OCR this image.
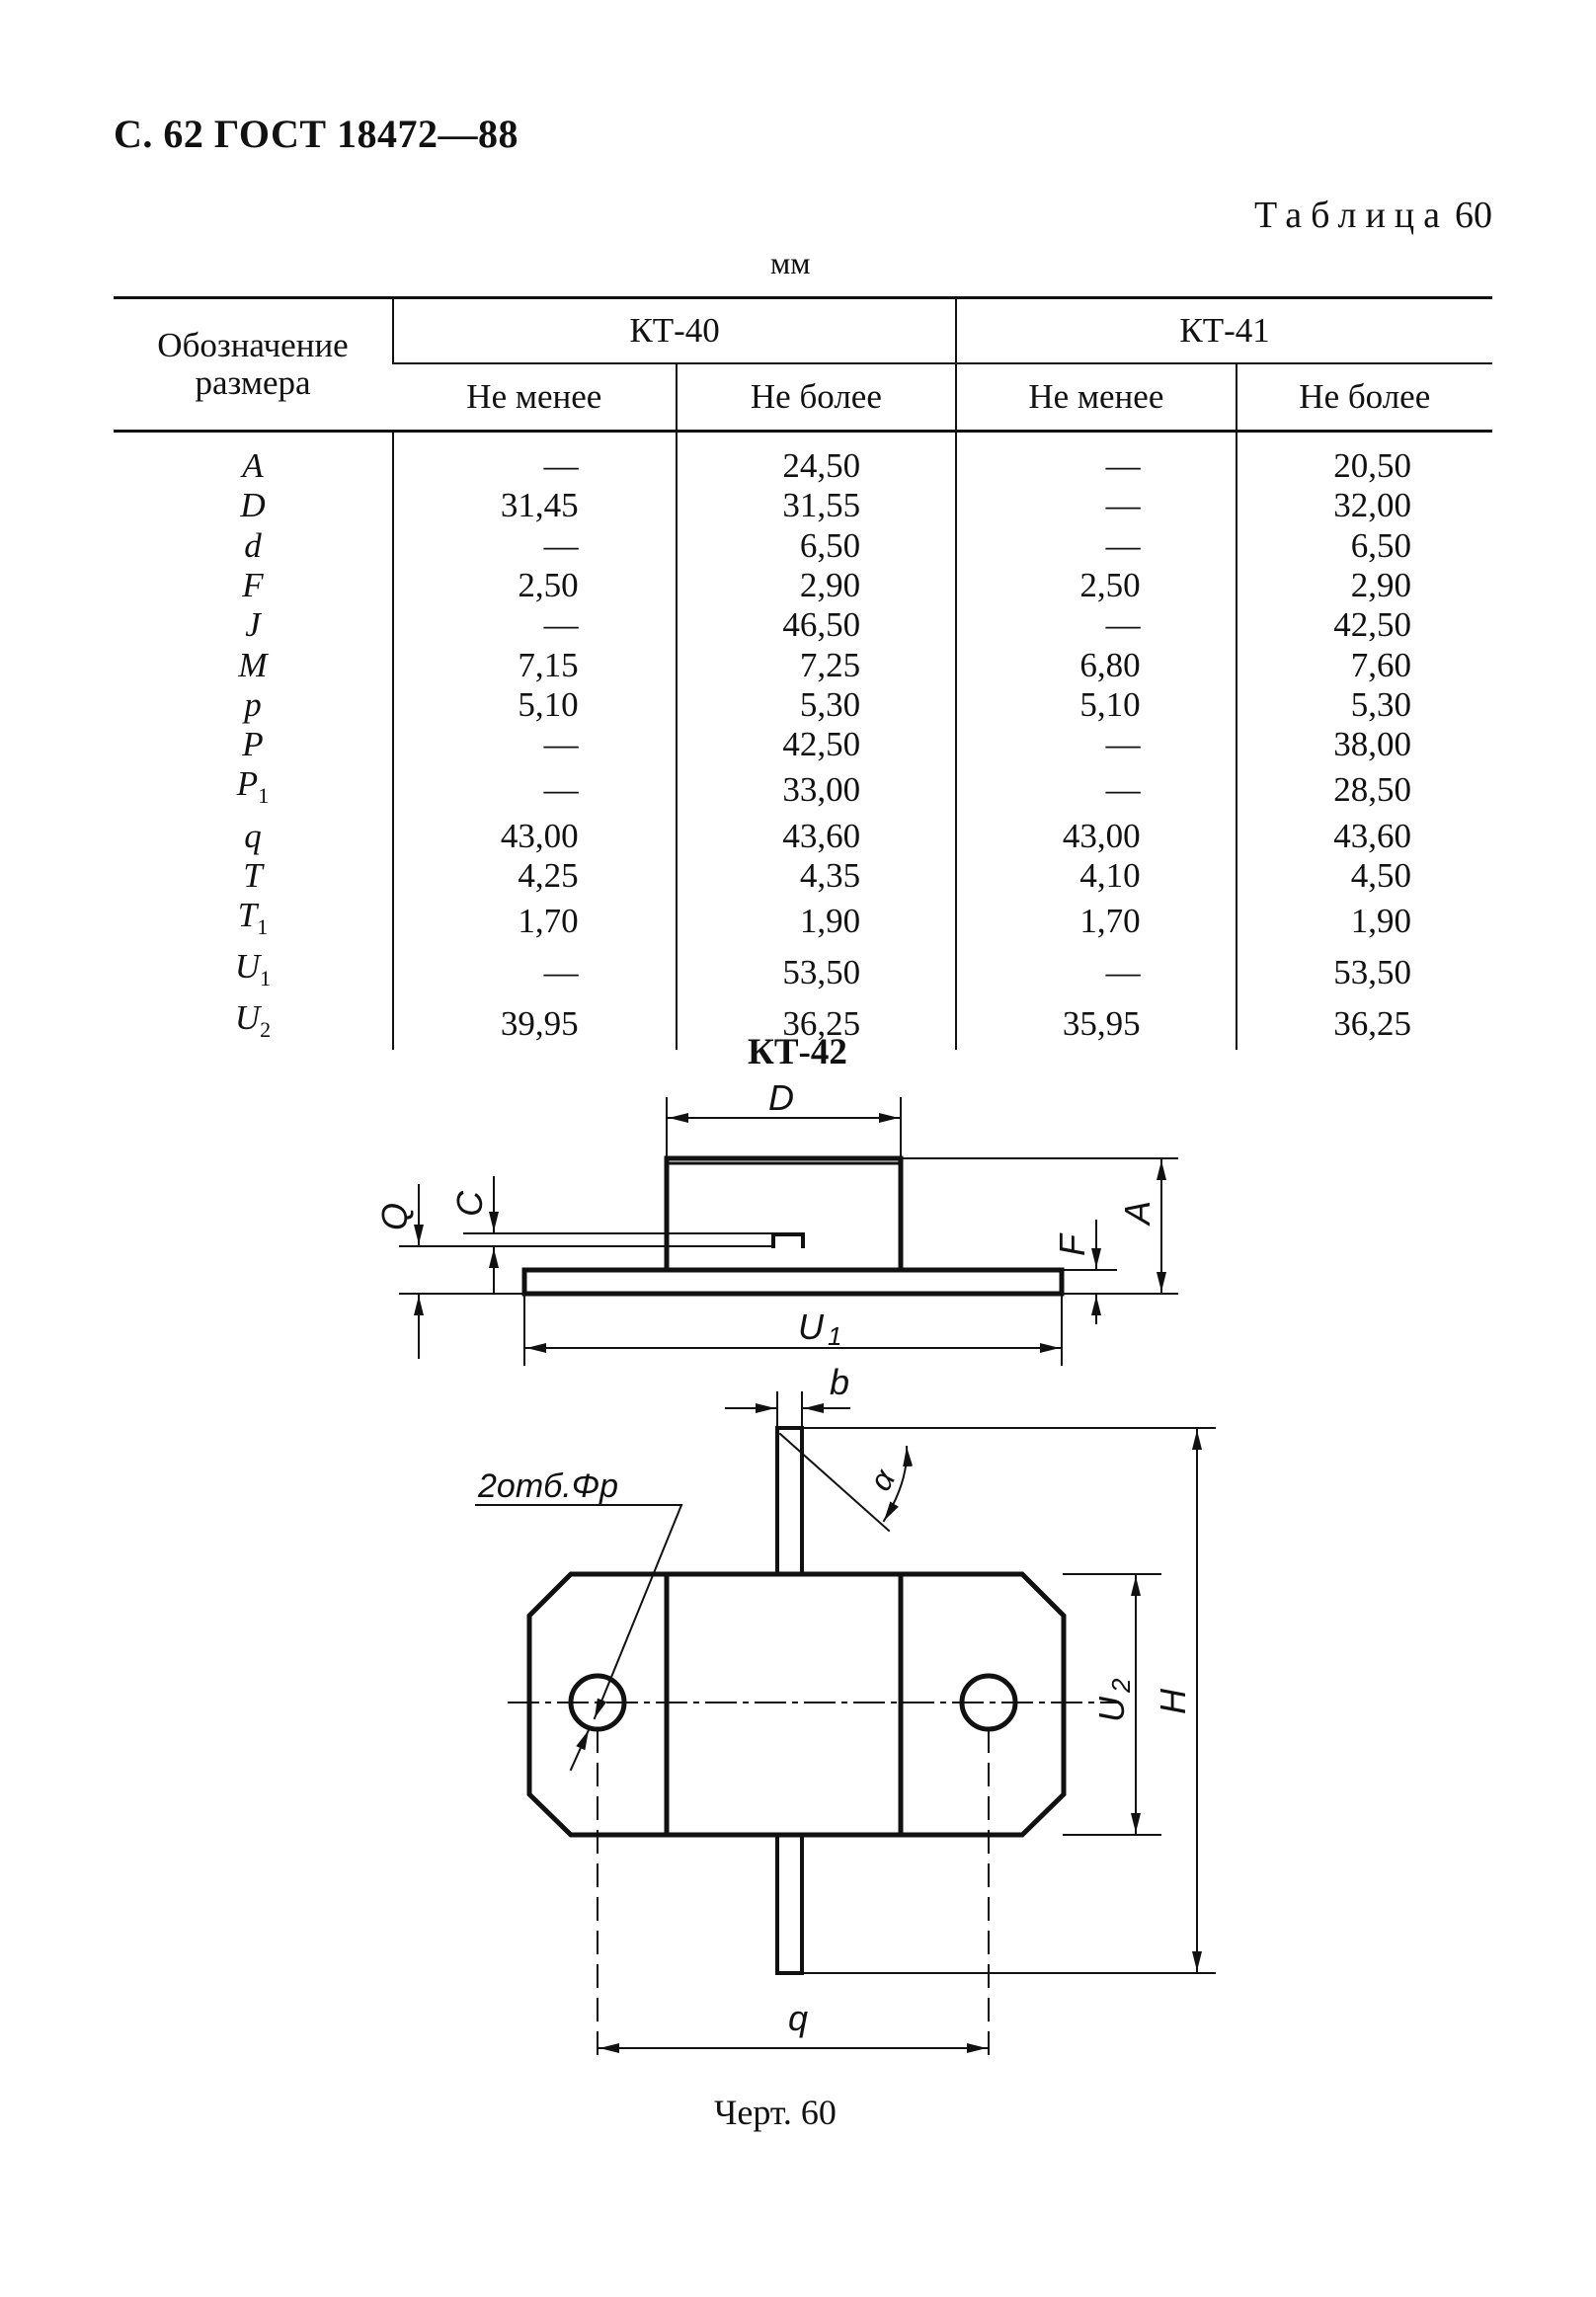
С. 62 ГОСТ 18472—88
Таблица 60
мм
Обозначение размера	КТ-40		КТ-41	
	Не менее	Не более	Не менее	Не более
A	—	24,50	—	20,50
D	31,45	31,55	—	32,00
d	—	6,50	—	6,50
F	2,50	2,90	2,50	2,90
J	—	46,50	—	42,50
M	7,15	7,25	6,80	7,60
p	5,10	5,30	5,10	5,30
P	—	42,50	—	38,00
$P_1$	—	33,00	—	28,50
q	43,00	43,60	43,00	43,60
T	4,25	4,35	4,10	4,50
$T_1$	1,70	1,90	1,70	1,90
$U_1$	—	53,50	—	53,50
$U_2$	39,95	36,25	35,95	36,25
КТ-42
D
A
F
Q C
U 1
b
α
2отб.Φp
U2
H
q
Черт. 60
